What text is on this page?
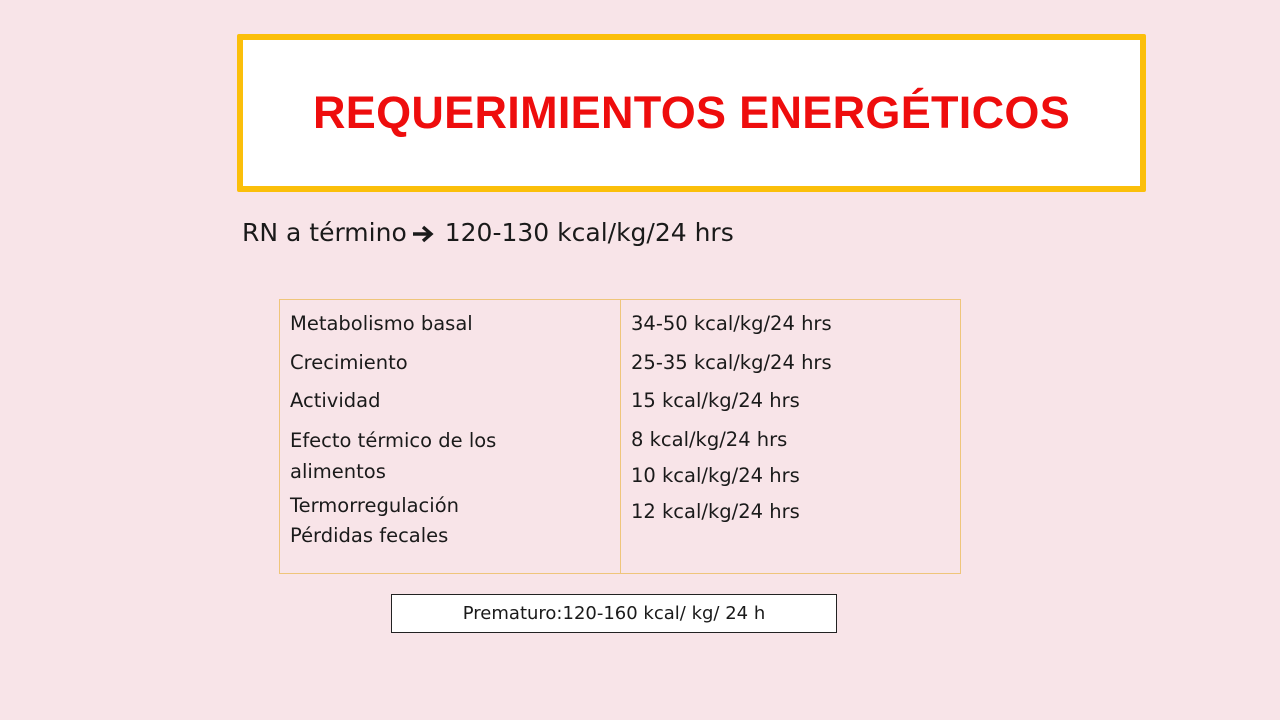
REQUERIMIENTOS ENERGÉTICOS
RN a término 120-130 kcal/kg/24 hrs
Metabolismo basal
Crecimiento
Actividad
Efecto térmico de los alimentos
Termorregulación
Pérdidas fecales
34-50 kcal/kg/24 hrs
25-35 kcal/kg/24 hrs
15 kcal/kg/24 hrs
8 kcal/kg/24 hrs
10 kcal/kg/24 hrs
12 kcal/kg/24 hrs
Prematuro:120-160 kcal/ kg/ 24 h
